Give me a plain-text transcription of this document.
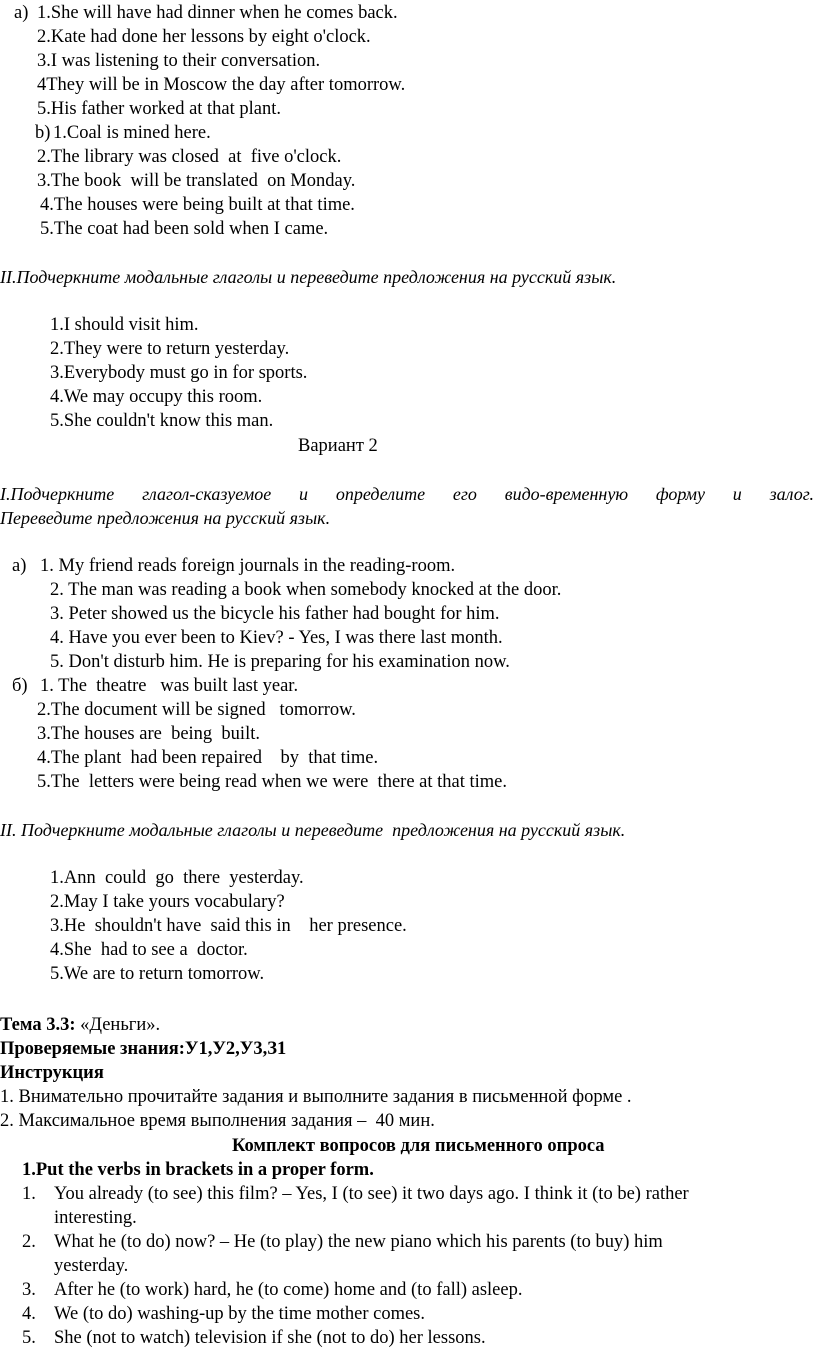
a) 1.She will have had dinner when he comes back.
2.Kate had done her lessons by eight o'clock.
3.I was listening to their conversation.
4They will be in Moscow the day after tomorrow.
5.His father worked at that plant.
b) 1.Coal is mined here.
2.The library was closed  at  five o'clock.
3.The book  will be translated  on Monday.
4.The houses were being built at that time.
5.The coat had been sold when I came.
II.Подчеркните модальные глаголы и переведите предложения на русский язык.
1.I should visit him.
2.They were to return yesterday.
3.Everybody must go in for sports.
4.We may occupy this room.
5.She couldn't know this man.
Вариант 2
I.Подчеркните глагол-сказуемое и определите его видо-временную форму и залог.
Переведите предложения на русский язык.
а) 1. My friend reads foreign journals in the reading-room.
2. The man was reading a book when somebody knocked at the door.
3. Peter showed us the bicycle his father had bought for him.
4. Have you ever been to Kiev? - Yes, I was there last month.
5. Don't disturb him. He is preparing for his examination now.
б) 1. The  theatre   was built last year.
2.The document will be signed   tomorrow.
3.The houses are  being  built.
4.The plant  had been repaired    by  that time.
5.The  letters were being read when we were  there at that time.
II. Подчеркните модальные глаголы и переведите  предложения на русский язык.
1.Ann  could  go  there  yesterday.
2.May I take yours vocabulary?
3.He  shouldn't have  said this in    her presence.
4.She  had to see a  doctor.
5.We are to return tomorrow.
Тема 3.3: «Деньги».
Проверяемые знания:У1,У2,У3,З1
Инструкция
1. Внимательно прочитайте задания и выполните задания в письменной форме .
2. Максимальное время выполнения задания –  40 мин.
Комплект вопросов для письменного опроса
1.Put the verbs in brackets in a proper form.
1. You already (to see) this film? – Yes, I (to see) it two days ago. I think it (to be) rather
interesting.
2. What he (to do) now? – He (to play) the new piano which his parents (to buy) him
yesterday.
3. After he (to work) hard, he (to come) home and (to fall) asleep.
4. We (to do) washing-up by the time mother comes.
5. She (not to watch) television if she (not to do) her lessons.
